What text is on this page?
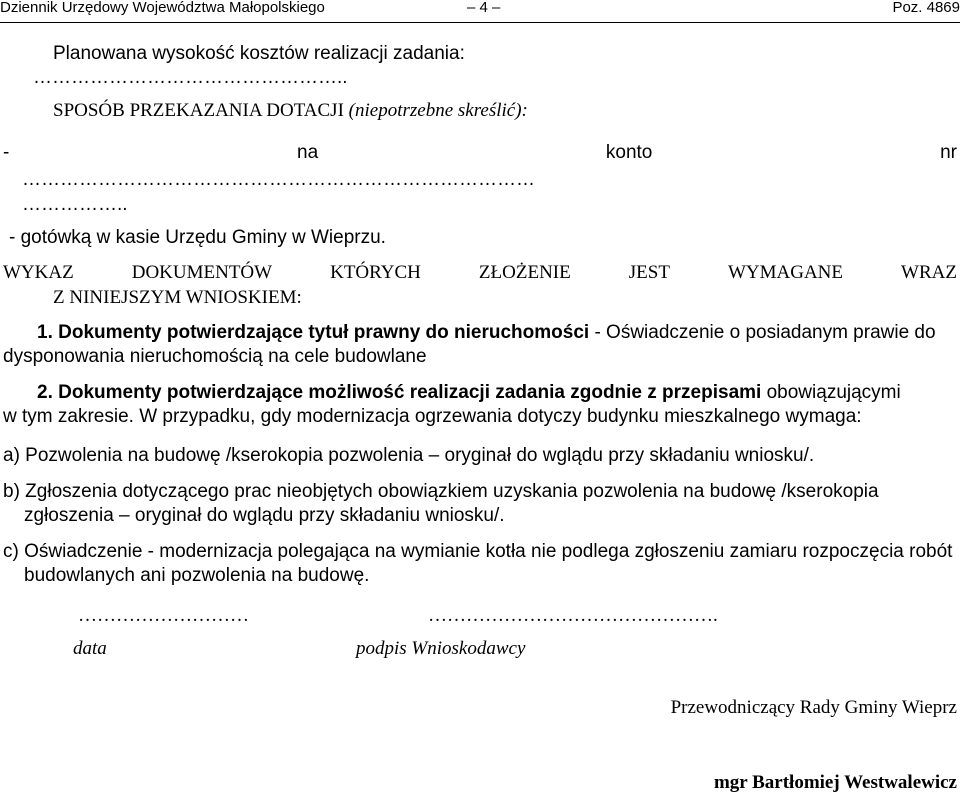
Dziennik Urzędowy Województwa Małopolskiego	– 4 –	Poz. 4869
Planowana wysokość kosztów realizacji zadania:
…………………………………………..
SPOSÓB PRZEKAZANIA DOTACJI (niepotrzebne skreślić):
-	na	konto	nr
………………………………………………………………………
……………..
- gotówką w kasie Urzędu Gminy w Wieprzu.
WYKAZ	DOKUMENTÓW	KTÓRYCH	ZŁOŻENIE	JEST	WYMAGANE	WRAZ
Z NINIEJSZYM WNIOSKIEM:
1. Dokumenty potwierdzające tytuł prawny do nieruchomości - Oświadczenie o posiadanym prawie do
dysponowania nieruchomością na cele budowlane
2. Dokumenty potwierdzające możliwość realizacji zadania zgodnie z przepisami obowiązującymi
w tym zakresie. W przypadku, gdy modernizacja ogrzewania dotyczy budynku mieszkalnego wymaga:
a) Pozwolenia na budowę /kserokopia pozwolenia – oryginał do wglądu przy składaniu wniosku/.
b) Zgłoszenia dotyczącego prac nieobjętych obowiązkiem uzyskania pozwolenia na budowę /kserokopia
zgłoszenia – oryginał do wglądu przy składaniu wniosku/.
c) Oświadczenie - modernizacja polegająca na wymianie kotła nie podlega zgłoszeniu zamiaru rozpoczęcia robót
budowlanych ani pozwolenia na budowę.
………………………	……………………………………….
data	podpis Wnioskodawcy
Przewodniczący Rady Gminy Wieprz
mgr Bartłomiej Westwalewicz
